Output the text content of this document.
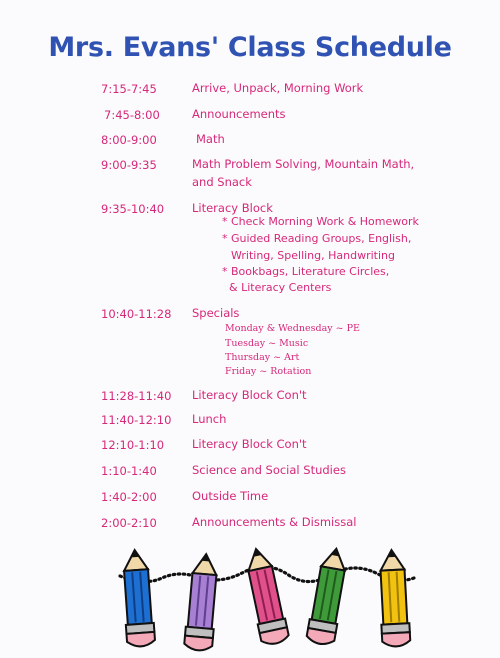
Mrs. Evans' Class Schedule
7:15-7:45	Arrive, Unpack, Morning Work
7:45-8:00	Announcements
8:00-9:00	Math
9:00-9:35	Math Problem Solving, Mountain Math,
and Snack
9:35-10:40 Literacy Block
* Check Morning Work & Homework
* Guided Reading Groups, English,
Writing, Spelling, Handwriting
* Bookbags, Literature Circles,
& Literacy Centers
10:40-11:28 Specials
Monday & Wednesday ~ PE
Tuesday ~ Music
Thursday ~ Art
Friday ~ Rotation
11:28-11:40 Literacy Block Con't
11:40-12:10 Lunch
12:10-1:10 Literacy Block Con't
1:10-1:40	Science and Social Studies
1:40-2:00	Outside Time
2:00-2:10	Announcements & Dismissal
